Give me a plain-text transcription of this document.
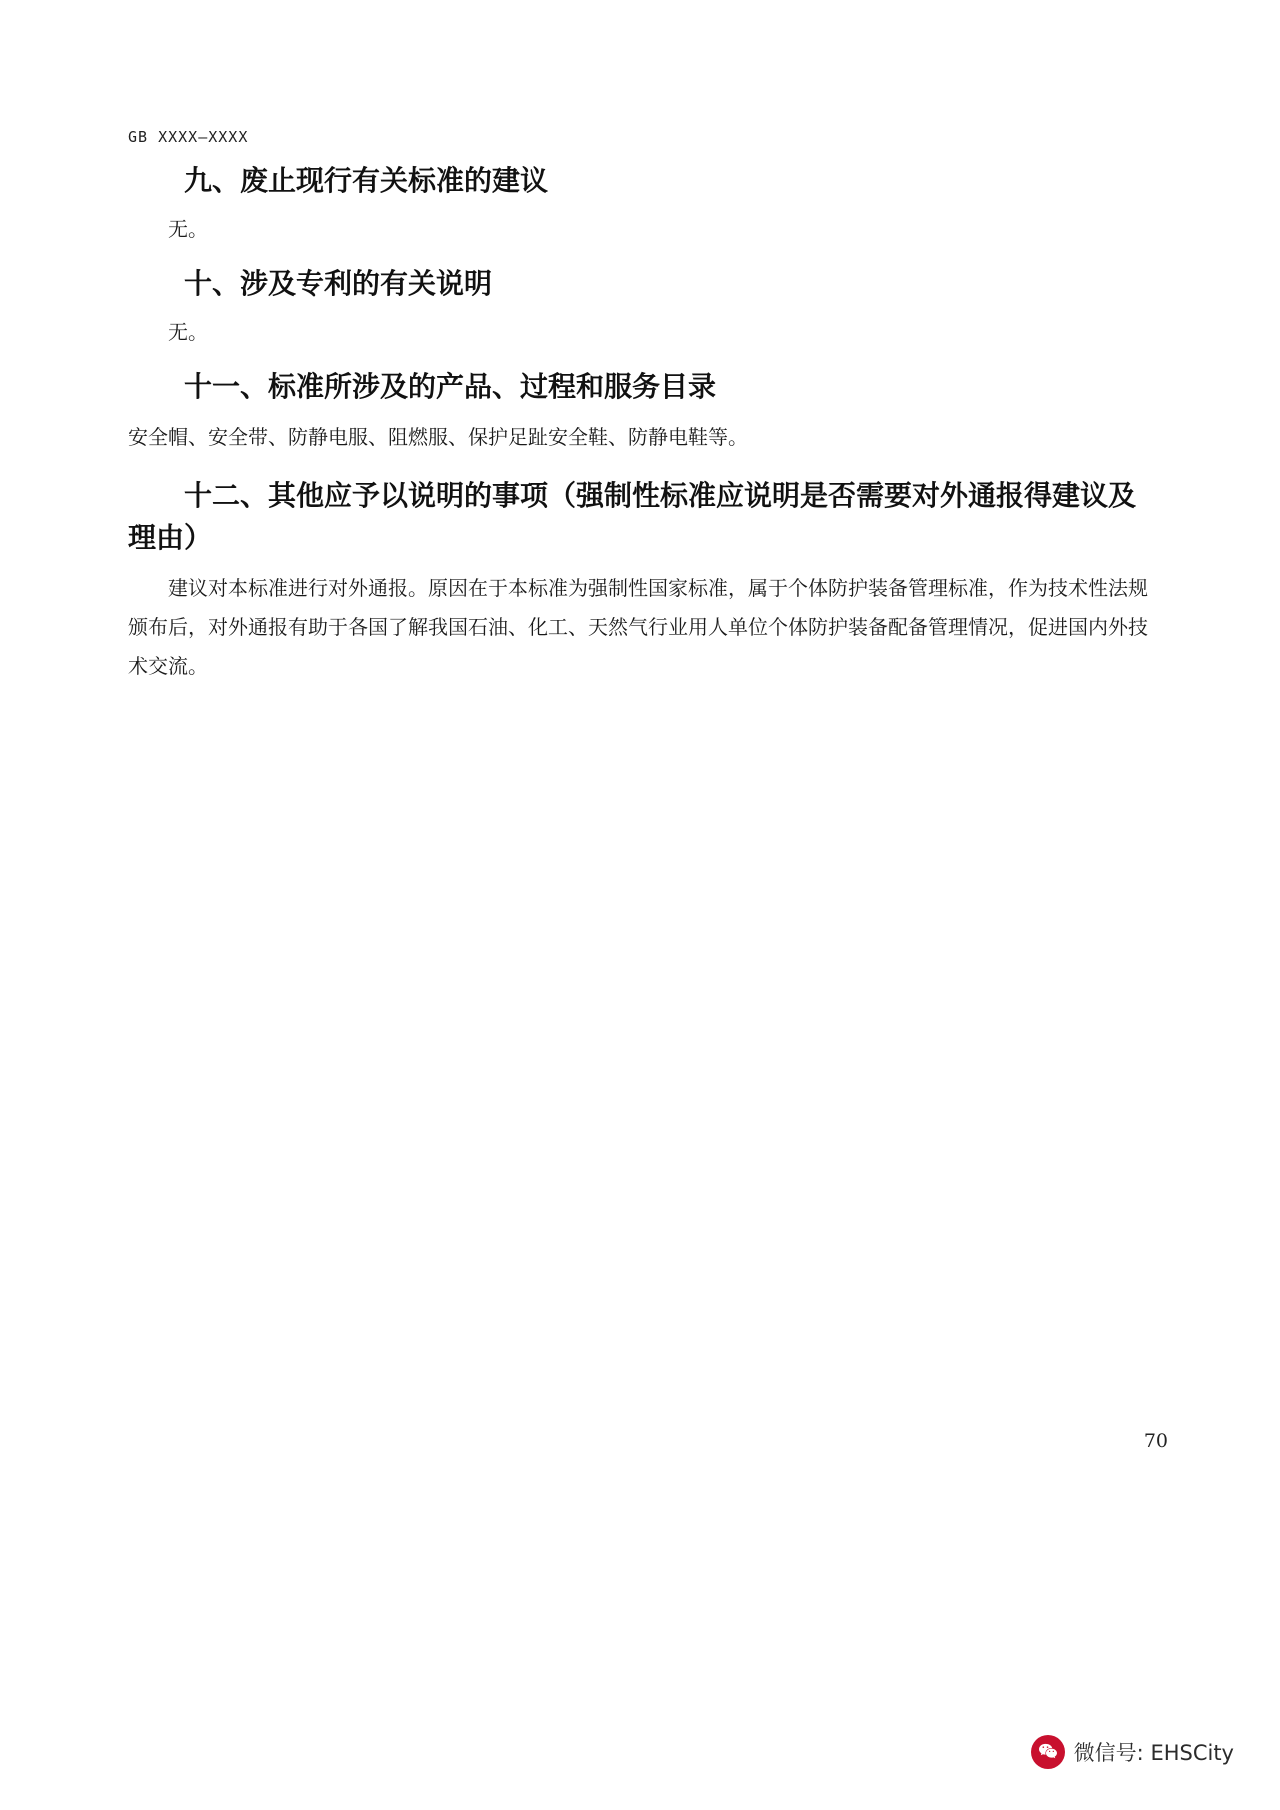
GB XXXX—XXXX
九、废止现行有关标准的建议

无。

十、涉及专利的有关说明

无。

十一、标准所涉及的产品、过程和服务目录

安全帽、安全带、防静电服、阻燃服、保护足趾安全鞋、防静电鞋等。

十二、其他应予以说明的事项（强制性标准应说明是否需要对外通报得建议及理由）

建议对本标准进行对外通报。原因在于本标准为强制性国家标准，属于个体防护装备管理标准，作为技术性法规颁布后，对外通报有助于各国了解我国石油、化工、天然气行业用人单位个体防护装备配备管理情况，促进国内外技术交流。

70
微信号: EHSCity
